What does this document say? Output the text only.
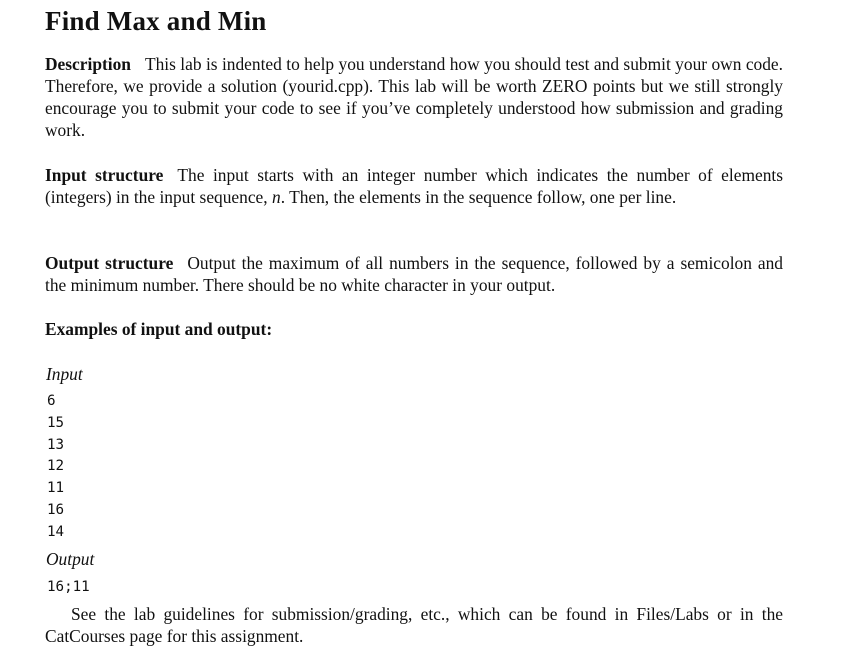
Find Max and Min

Description This lab is indented to help you understand how you should test and submit your own code. Therefore, we provide a solution (yourid.cpp). This lab will be worth ZERO points but we still strongly encourage you to submit your code to see if you’ve completely understood how submission and grading work.

Input structure The input starts with an integer number which indicates the number of elements (integers) in the input sequence, n. Then, the elements in the sequence follow, one per line.

Output structure Output the maximum of all numbers in the sequence, followed by a semicolon and the minimum number. There should be no white character in your output.

Examples of input and output:
Input
6
15
13
12
11
16
14
Output
16;11

See the lab guidelines for submission/grading, etc., which can be found in Files/Labs or in the CatCourses page for this assignment.
